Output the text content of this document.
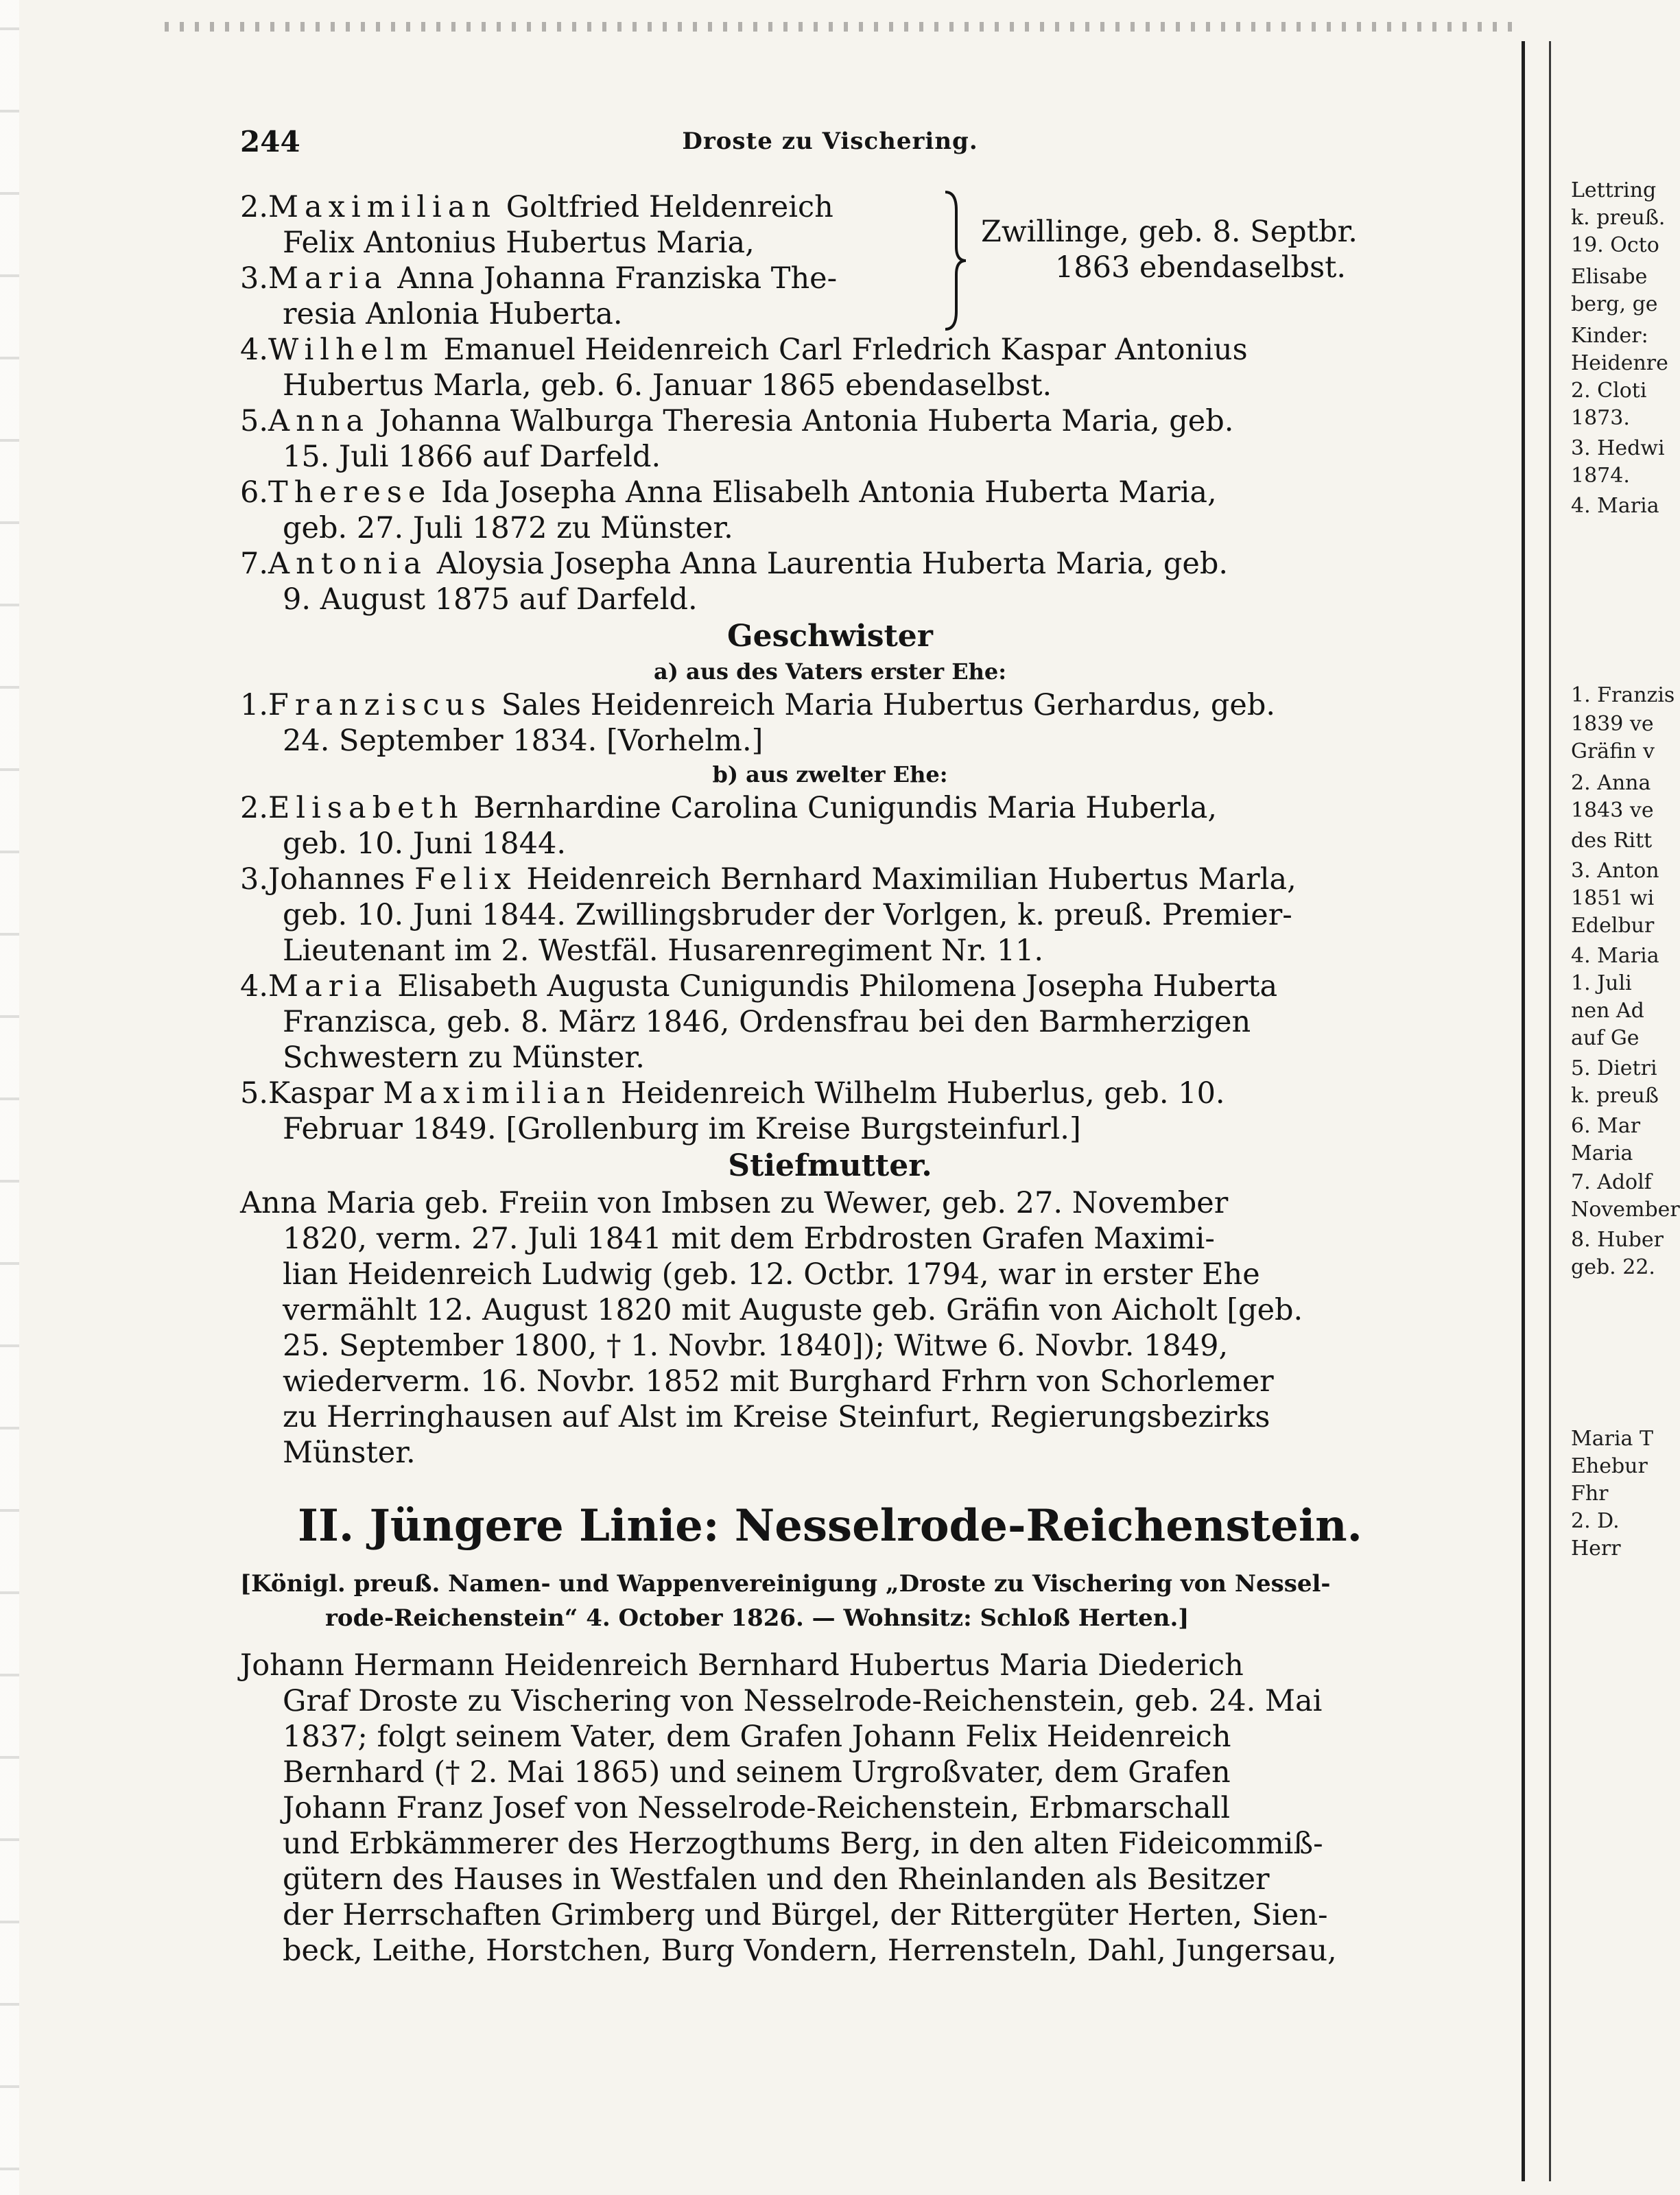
244	Droste zu Vischering.
2.Maximilian Goltfried Heldenreich
Felix Antonius Hubertus Maria,
3.Maria Anna Johanna Franziska The-
resia Anlonia Huberta.
Zwillinge, geb. 8. Septbr.
1863 ebendaselbst.
4.Wilhelm Emanuel Heidenreich Carl Frledrich Kaspar Antonius
Hubertus Marla, geb. 6. Januar 1865 ebendaselbst.
5.Anna Johanna Walburga Theresia Antonia Huberta Maria, geb.
15. Juli 1866 auf Darfeld.
6.Therese Ida Josepha Anna Elisabelh Antonia Huberta Maria,
geb. 27. Juli 1872 zu Münster.
7.Antonia Aloysia Josepha Anna Laurentia Huberta Maria, geb.
9. August 1875 auf Darfeld.
Geschwister
a) aus des Vaters erster Ehe:
1.Franziscus Sales Heidenreich Maria Hubertus Gerhardus, geb.
24. September 1834. [Vorhelm.]
b) aus zwelter Ehe:
2.Elisabeth Bernhardine Carolina Cunigundis Maria Huberla,
geb. 10. Juni 1844.
3.Johannes Felix Heidenreich Bernhard Maximilian Hubertus Marla,
geb. 10. Juni 1844. Zwillingsbruder der Vorlgen, k. preuß. Premier-
Lieutenant im 2. Westfäl. Husarenregiment Nr. 11.
4.Maria Elisabeth Augusta Cunigundis Philomena Josepha Huberta
Franzisca, geb. 8. März 1846, Ordensfrau bei den Barmherzigen
Schwestern zu Münster.
5.Kaspar Maximilian Heidenreich Wilhelm Huberlus, geb. 10.
Februar 1849. [Grollenburg im Kreise Burgsteinfurl.]
Stiefmutter.
Anna Maria geb. Freiin von Imbsen zu Wewer, geb. 27. November
1820, verm. 27. Juli 1841 mit dem Erbdrosten Grafen Maximi-
lian Heidenreich Ludwig (geb. 12. Octbr. 1794, war in erster Ehe
vermählt 12. August 1820 mit Auguste geb. Gräfin von Aicholt [geb.
25. September 1800, † 1. Novbr. 1840]); Witwe 6. Novbr. 1849,
wiederverm. 16. Novbr. 1852 mit Burghard Frhrn von Schorlemer
zu Herringhausen auf Alst im Kreise Steinfurt, Regierungsbezirks
Münster.
II. Jüngere Linie: Nesselrode-Reichenstein.
[Königl. preuß. Namen- und Wappenvereinigung „Droste zu Vischering von Nessel-
rode-Reichenstein“ 4. October 1826. — Wohnsitz: Schloß Herten.]
Johann Hermann Heidenreich Bernhard Hubertus Maria Diederich
Graf Droste zu Vischering von Nesselrode-Reichenstein, geb. 24. Mai
1837; folgt seinem Vater, dem Grafen Johann Felix Heidenreich
Bernhard († 2. Mai 1865) und seinem Urgroßvater, dem Grafen
Johann Franz Josef von Nesselrode-Reichenstein, Erbmarschall
und Erbkämmerer des Herzogthums Berg, in den alten Fideicommiß-
gütern des Hauses in Westfalen und den Rheinlanden als Besitzer
der Herrschaften Grimberg und Bürgel, der Rittergüter Herten, Sien-
beck, Leithe, Horstchen, Burg Vondern, Herrensteln, Dahl, Jungersau,
Lettring
k. preuß.
19. Octo
Elisabe
berg, ge
Kinder:
Heidenre
2. Cloti
1873.
3. Hedwi
1874.
4. Maria
1. Franzis
1839 ve
Gräfin v
2. Anna
1843 ve
des Ritt
3. Anton
1851 wi
Edelbur
4. Maria
1. Juli
nen Ad
auf Ge
5. Dietri
k. preuß
6. Mar
Maria
7. Adolf
November
8. Huber
geb. 22.
Maria T
Ehebur
Fhr
2. D.
Herr
